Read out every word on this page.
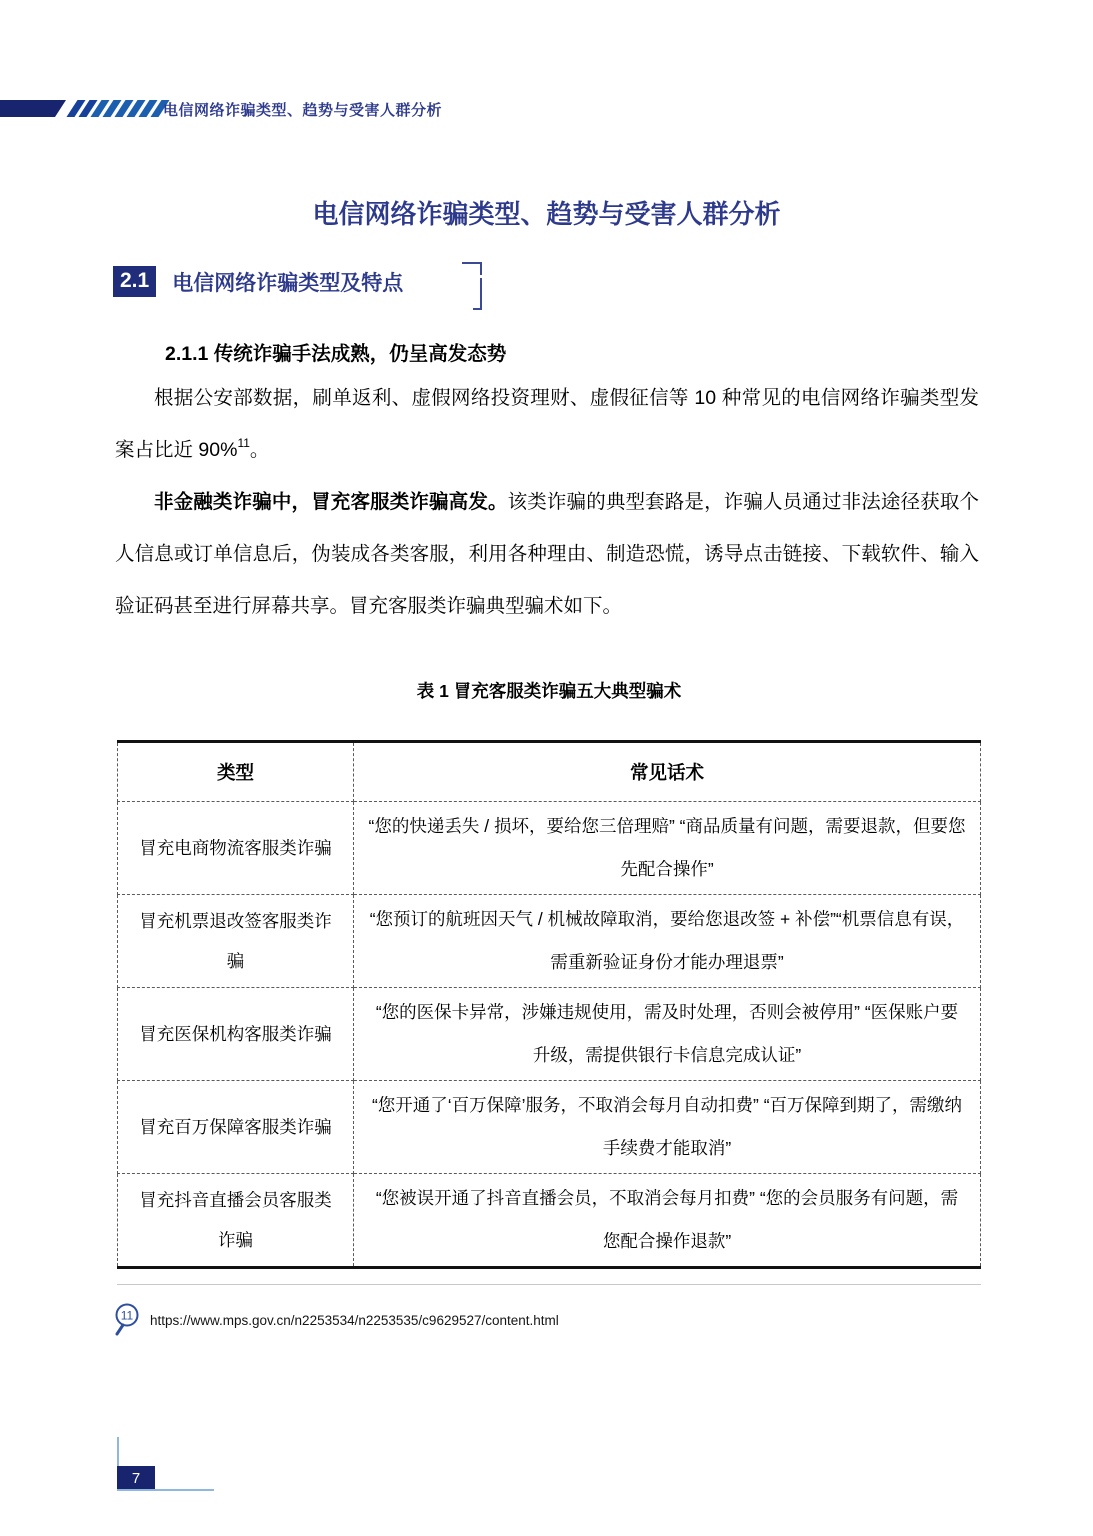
电信网络诈骗类型、趋势与受害人群分析
电信网络诈骗类型、趋势与受害人群分析
2.1 电信网络诈骗类型及特点
2.1.1 传统诈骗手法成熟，仍呈高发态势

根据公安部数据，刷单返利、虚假网络投资理财、虚假征信等 10 种常见的电信网络诈骗类型发案占比近 90%$^{11}$。

非金融类诈骗中，冒充客服类诈骗高发。该类诈骗的典型套路是，诈骗人员通过非法途径获取个人信息或订单信息后，伪装成各类客服，利用各种理由、制造恐慌，诱导点击链接、下载软件、输入验证码甚至进行屏幕共享。冒充客服类诈骗典型骗术如下。

表 1 冒充客服类诈骗五大典型骗术
类型	常见话术
冒充电商物流客服类诈骗	“您的快递丢失 / 损坏，要给您三倍理赔” “商品质量有问题，需要退款，但要您先配合操作”
冒充机票退改签客服类诈骗	“您预订的航班因天气 / 机械故障取消，要给您退改签 + 补偿”“机票信息有误，需重新验证身份才能办理退票”
冒充医保机构客服类诈骗	“您的医保卡异常，涉嫌违规使用，需及时处理，否则会被停用” “医保账户要升级，需提供银行卡信息完成认证”
冒充百万保障客服类诈骗	“您开通了‘百万保障’服务，不取消会每月自动扣费” “百万保障到期了，需缴纳手续费才能取消”
冒充抖音直播会员客服类诈骗	“您被误开通了抖音直播会员，不取消会每月扣费” “您的会员服务有问题，需您配合操作退款”
11 https://www.mps.gov.cn/n2253534/n2253535/c9629527/content.html
7
